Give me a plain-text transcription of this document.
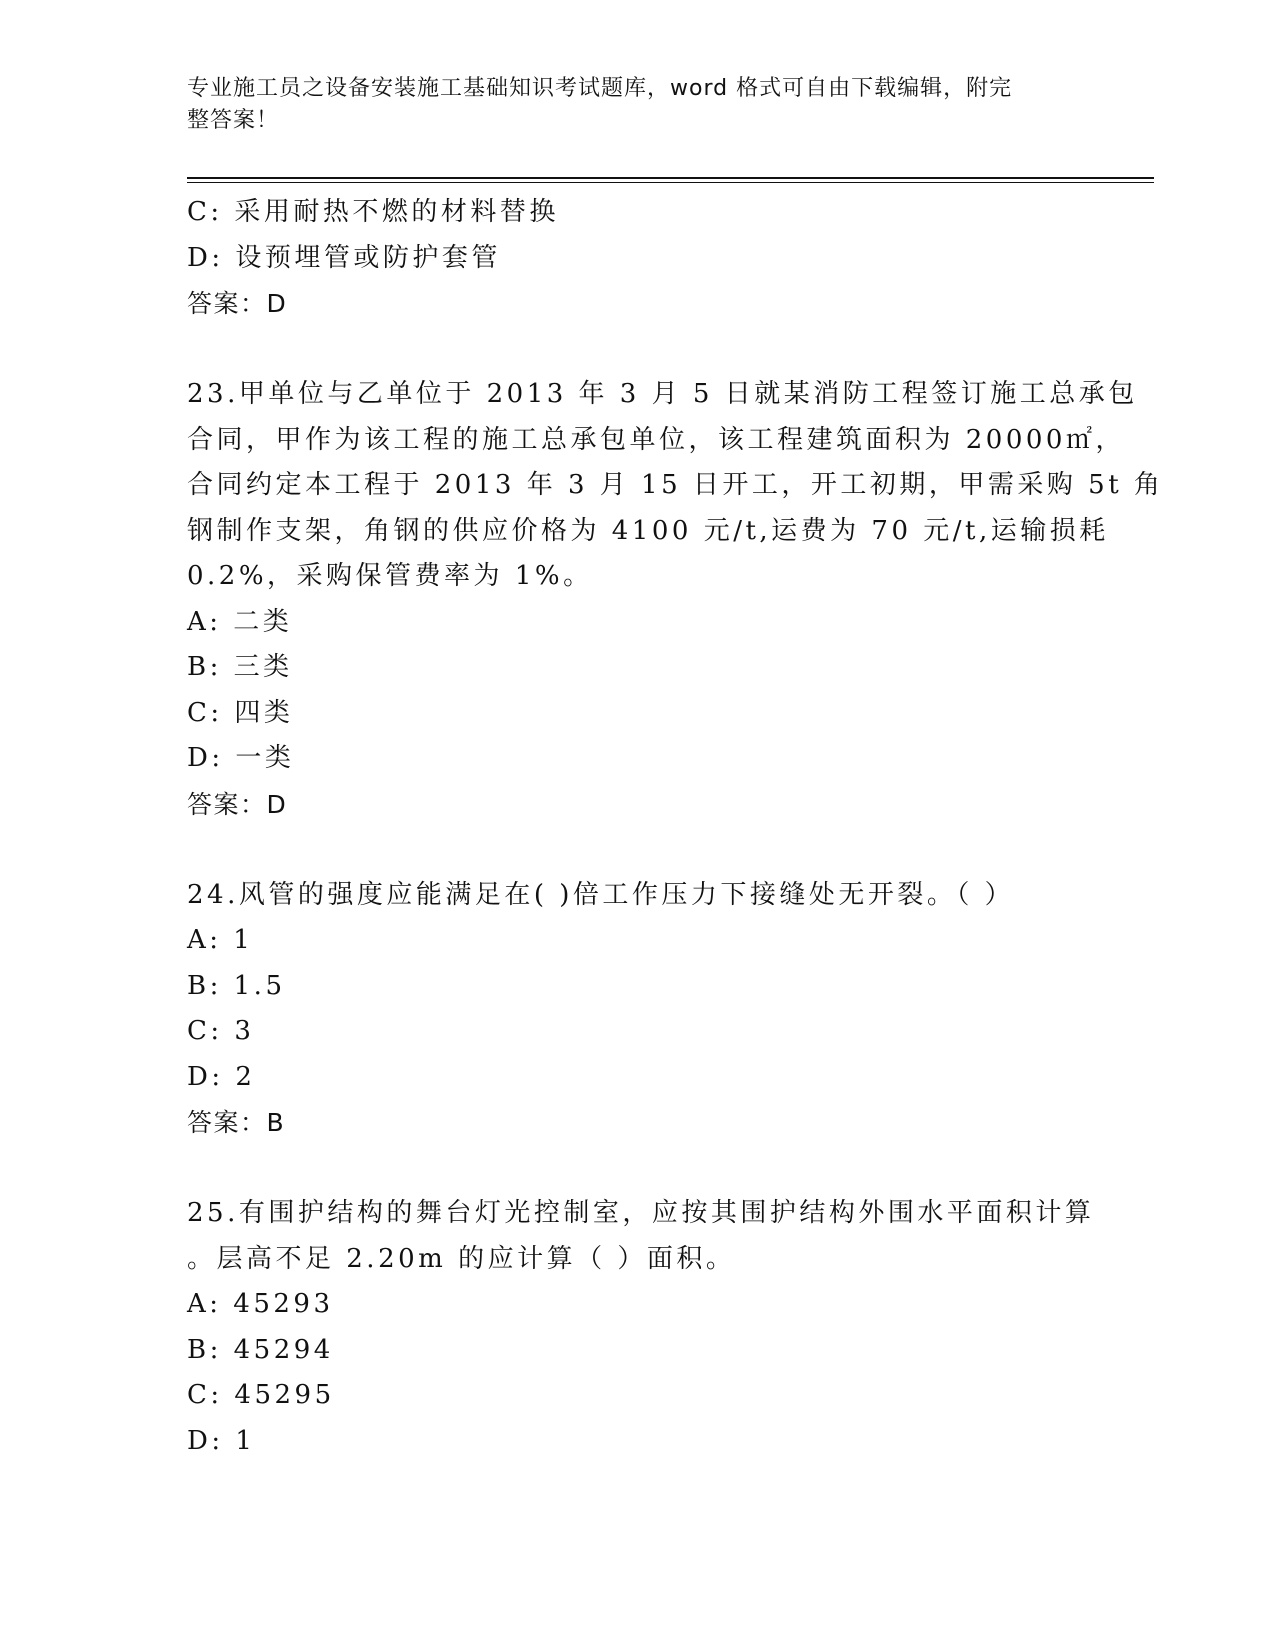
专业施工员之设备安装施工基础知识考试题库，word 格式可自由下载编辑，附完
整答案！
C: 采用耐热不燃的材料替换
D: 设预埋管或防护套管
答案：D
23.甲单位与乙单位于 2013 年 3 月 5 日就某消防工程签订施工总承包
合同，甲作为该工程的施工总承包单位，该工程建筑面积为 20000㎡，
合同约定本工程于 2013 年 3 月 15 日开工，开工初期，甲需采购 5t 角
钢制作支架，角钢的供应价格为 4100 元/t,运费为 70 元/t,运输损耗
0.2%，采购保管费率为 1%。
A: 二类
B: 三类
C: 四类
D: 一类
答案：D
24.风管的强度应能满足在( )倍工作压力下接缝处无开裂。（ ）
A: 1
B: 1.5
C: 3
D: 2
答案：B
25.有围护结构的舞台灯光控制室，应按其围护结构外围水平面积计算
。层高不足 2.20m 的应计算（ ）面积。
A: 45293
B: 45294
C: 45295
D: 1
